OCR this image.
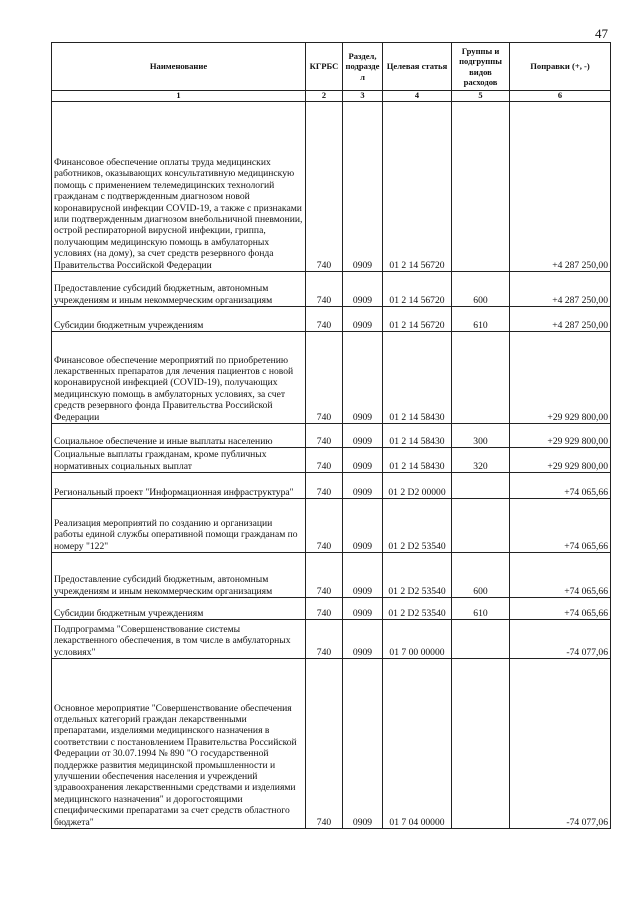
47
Наименование	КГРБС	Раздел, подразде л	Целевая статья	Группы и подгруппы видов расходов	Поправки (+, -)
1	2	3	4	5	6
Финансовое обеспечение оплаты труда медицинских работников, оказывающих консультативную медицинскую помощь с применением телемедицинских технологий гражданам с подтвержденным диагнозом новой коронавирусной инфекции COVID-19, а также с признаками или подтвержденным диагнозом внебольничной пневмонии, острой респираторной вирусной инфекции, гриппа, получающим медицинскую помощь в амбулаторных условиях (на дому), за счет средств резервного фонда Правительства Российской Федерации	740	0909	01 2 14 56720		+4 287 250,00
Предоставление субсидий бюджетным, автономным учреждениям и иным некоммерческим организациям	740	0909	01 2 14 56720	600	+4 287 250,00
Субсидии бюджетным учреждениям	740	0909	01 2 14 56720	610	+4 287 250,00
Финансовое обеспечение мероприятий по приобретению лекарственных препаратов для лечения пациентов с новой коронавирусной инфекцией (COVID-19), получающих медицинскую помощь в амбулаторных условиях, за счет средств резервного фонда Правительства Российской Федерации	740	0909	01 2 14 58430		+29 929 800,00
Социальное обеспечение и иные выплаты населению	740	0909	01 2 14 58430	300	+29 929 800,00
Социальные выплаты гражданам, кроме публичных нормативных социальных выплат	740	0909	01 2 14 58430	320	+29 929 800,00
Региональный проект "Информационная инфраструктура"	740	0909	01 2 D2 00000		+74 065,66
Реализация мероприятий по созданию и организации работы единой службы оперативной помощи гражданам по номеру "122"	740	0909	01 2 D2 53540		+74 065,66
Предоставление субсидий бюджетным, автономным учреждениям и иным некоммерческим организациям	740	0909	01 2 D2 53540	600	+74 065,66
Субсидии бюджетным учреждениям	740	0909	01 2 D2 53540	610	+74 065,66
Подпрограмма "Совершенствование системы лекарственного обеспечения, в том числе в амбулаторных условиях"	740	0909	01 7 00 00000		-74 077,06
Основное мероприятие "Совершенствование обеспечения отдельных категорий граждан лекарственными препаратами, изделиями медицинского назначения в соответствии с постановлением Правительства Российской Федерации от 30.07.1994 № 890 "О государственной поддержке развития медицинской промышленности и улучшении обеспечения населения и учреждений здравоохранения лекарственными средствами и изделиями медицинского назначения" и дорогостоящими специфическими препаратами за счет средств областного бюджета"	740	0909	01 7 04 00000		-74 077,06
